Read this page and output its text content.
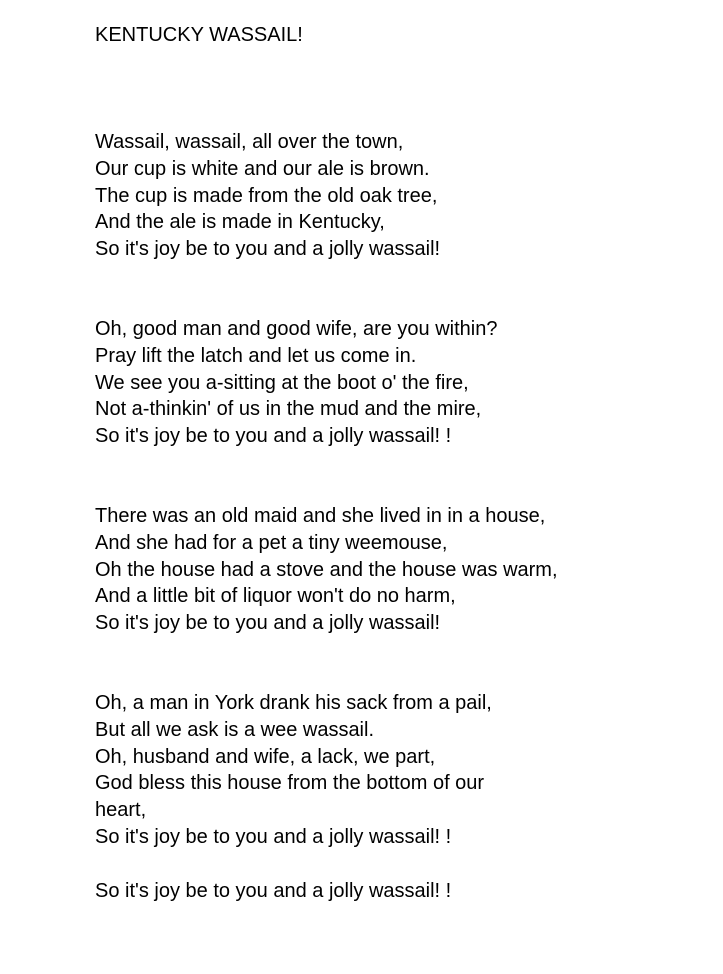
KENTUCKY WASSAIL!
Wassail, wassail, all over the town,
Our cup is white and our ale is brown.
The cup is made from the old oak tree,
And the ale is made in Kentucky,
So it's joy be to you and a jolly wassail!
Oh, good man and good wife, are you within?
Pray lift the latch and let us come in.
We see you a-sitting at the boot o' the fire,
Not a-thinkin' of us in the mud and the mire,
So it's joy be to you and a jolly wassail! !
There was an old maid and she lived in in a house,
And she had for a pet a tiny weemouse,
Oh the house had a stove and the house was warm,
And a little bit of liquor won't do no harm,
So it's joy be to you and a jolly wassail!
Oh, a man in York drank his sack from a pail,
But all we ask is a wee wassail.
Oh, husband and wife, a lack, we part,
God bless this house from the bottom of our
heart,
So it's joy be to you and a jolly wassail! !
So it's joy be to you and a jolly wassail! !
